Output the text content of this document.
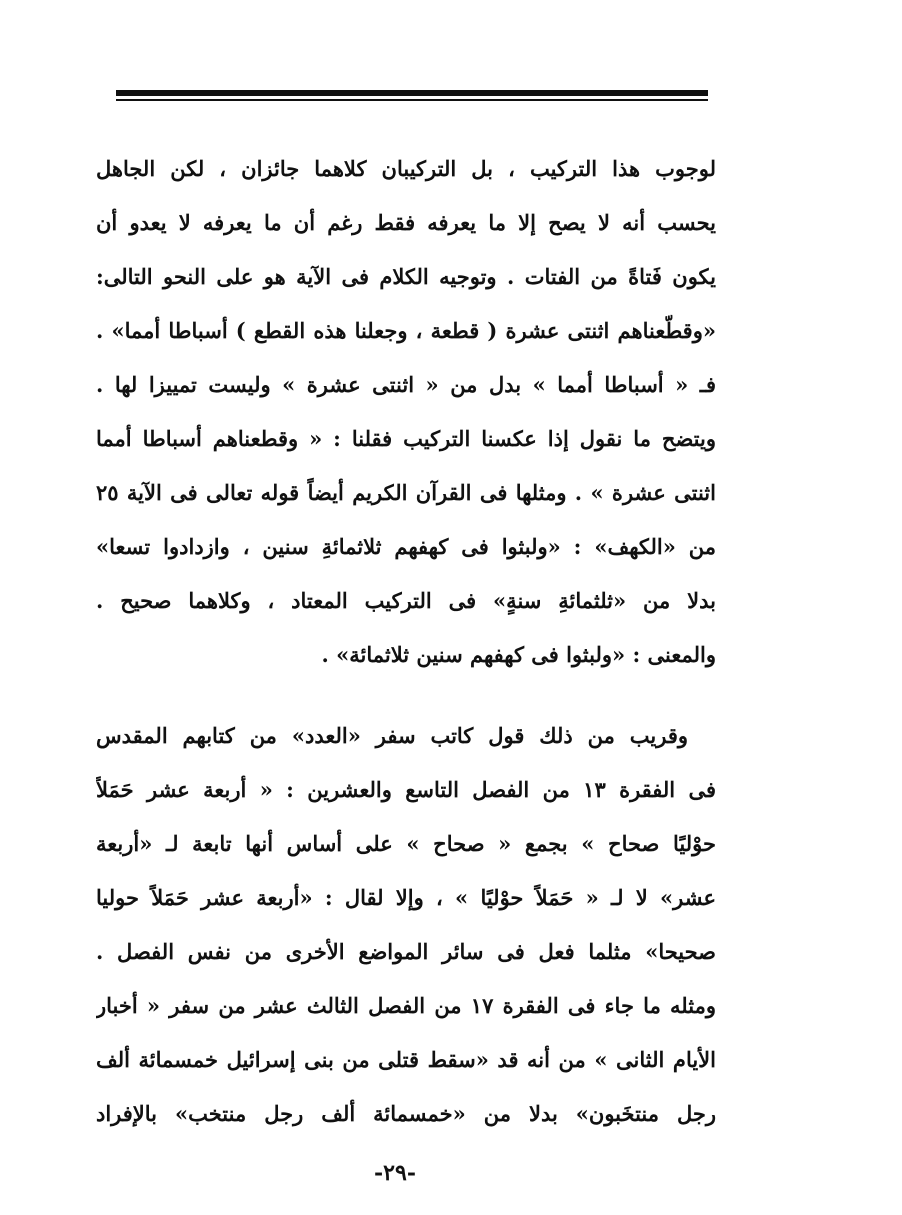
لوجوب هذا التركيب ، بل التركيبان كلاهما جائزان ، لكن الجاهل
يحسب أنه لا يصح إلا ما يعرفه فقط رغم أن ما يعرفه لا يعدو أن
يكون فَتاةً من الفتات . وتوجيه الكلام فى الآية هو على النحو التالى:
«وقطّعناهم اثنتى عشرة ( قطعة ، وجعلنا هذه القطع ) أسباطا أمما» .
فـ « أسباطا أمما » بدل من « اثنتى عشرة » وليست تمييزا لها .
ويتضح ما نقول إذا عكسنا التركيب فقلنا : « وقطعناهم أسباطا أمما
اثنتى عشرة » . ومثلها فى القرآن الكريم أيضاً قوله تعالى فى الآية ٢٥
من «الكهف» : «ولبثوا فى كهفهم ثلاثمائةِ سنين ، وازدادوا تسعا»
بدلا من «ثلثمائةِ سنةٍ» فى التركيب المعتاد ، وكلاهما صحيح .
والمعنى : «ولبثوا فى كهفهم سنين ثلاثمائة» .
وقريب من ذلك قول كاتب سفر «العدد» من كتابهم المقدس
فى الفقرة ١٣ من الفصل التاسع والعشرين : « أربعة عشر حَمَلاً
حوْليًا صحاح » بجمع « صحاح » على أساس أنها تابعة لـ «أربعة
عشر» لا لـ « حَمَلاً حوْليًا » ، وإلا لقال : «أربعة عشر حَمَلاً حوليا
صحيحا» مثلما فعل فى سائر المواضع الأخرى من نفس الفصل .
ومثله ما جاء فى الفقرة ١٧ من الفصل الثالث عشر من سفر « أخبار
الأيام الثانى » من أنه قد «سقط قتلى من بنى إسرائيل خمسمائة ألف
رجل منتخَبون» بدلا من «خمسمائة ألف رجل منتخب» بالإفراد
-٢٩-
